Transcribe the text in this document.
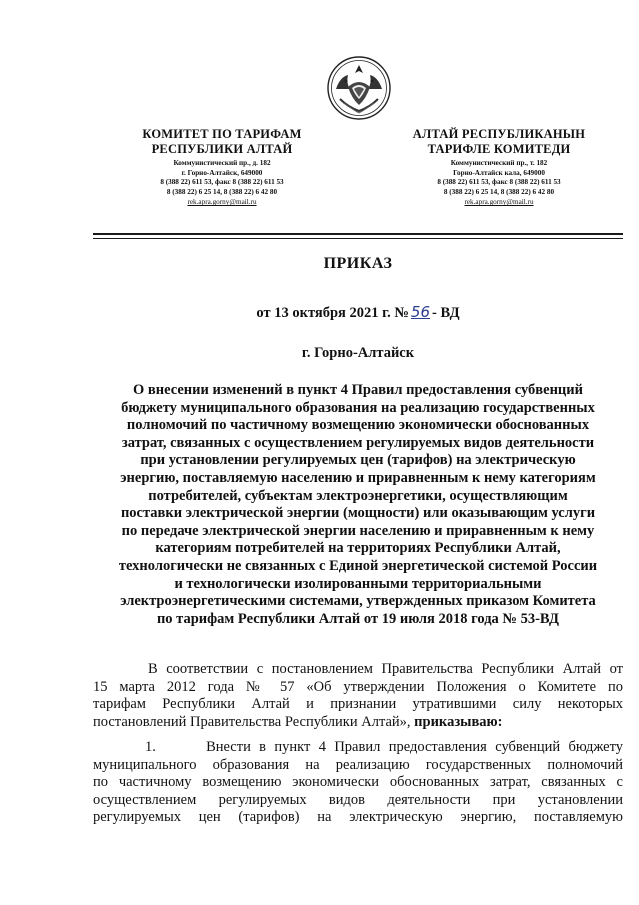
КОМИТЕТ ПО ТАРИФАМ
РЕСПУБЛИКИ АЛТАЙ
Коммунистический пр., д. 182
г. Горно-Алтайск, 649000
8 (388 22) 611 53, факс 8 (388 22) 611 53
8 (388 22) 6 25 14, 8 (388 22) 6 42 80
rek.apra.gorny@mail.ru
АЛТАЙ РЕСПУБЛИКАНЫН
ТАРИФЛЕ КОМИТЕДИ
Коммунистический пр., т. 182
Горно-Алтайск кала, 649000
8 (388 22) 611 53, факс 8 (388 22) 611 53
8 (388 22) 6 25 14, 8 (388 22) 6 42 80
rek.apra.gorny@mail.ru
ПРИКАЗ
от 13 октября 2021 г. № 56 - ВД
г. Горно-Алтайск
О внесении изменений в пункт 4 Правил предоставления субвенций
бюджету муниципального образования на реализацию государственных
полномочий по частичному возмещению экономически обоснованных
затрат, связанных с осуществлением регулируемых видов деятельности
при установлении регулируемых цен (тарифов) на электрическую
энергию, поставляемую населению и приравненным к нему категориям
потребителей, субъектам электроэнергетики, осуществляющим
поставки электрической энергии (мощности) или оказывающим услуги
по передаче электрической энергии населению и приравненным к нему
категориям потребителей на территориях Республики Алтай,
технологически не связанных с Единой энергетической системой России
и технологически изолированными территориальными
электроэнергетическими системами, утвержденных приказом Комитета
по тарифам Республики Алтай от 19 июля 2018 года № 53-ВД
В соответствии с постановлением Правительства Республики Алтай от
15 марта 2012 года № 57 «Об утверждении Положения о Комитете по
тарифам Республики Алтай и признании утратившими силу некоторых
постановлений Правительства Республики Алтай», приказываю:
1.	Внести в пункт 4 Правил предоставления субвенций бюджету
муниципального образования на реализацию государственных полномочий
по частичному возмещению экономически обоснованных затрат, связанных с
осуществлением регулируемых видов деятельности при установлении
регулируемых цен (тарифов) на электрическую энергию, поставляемую
